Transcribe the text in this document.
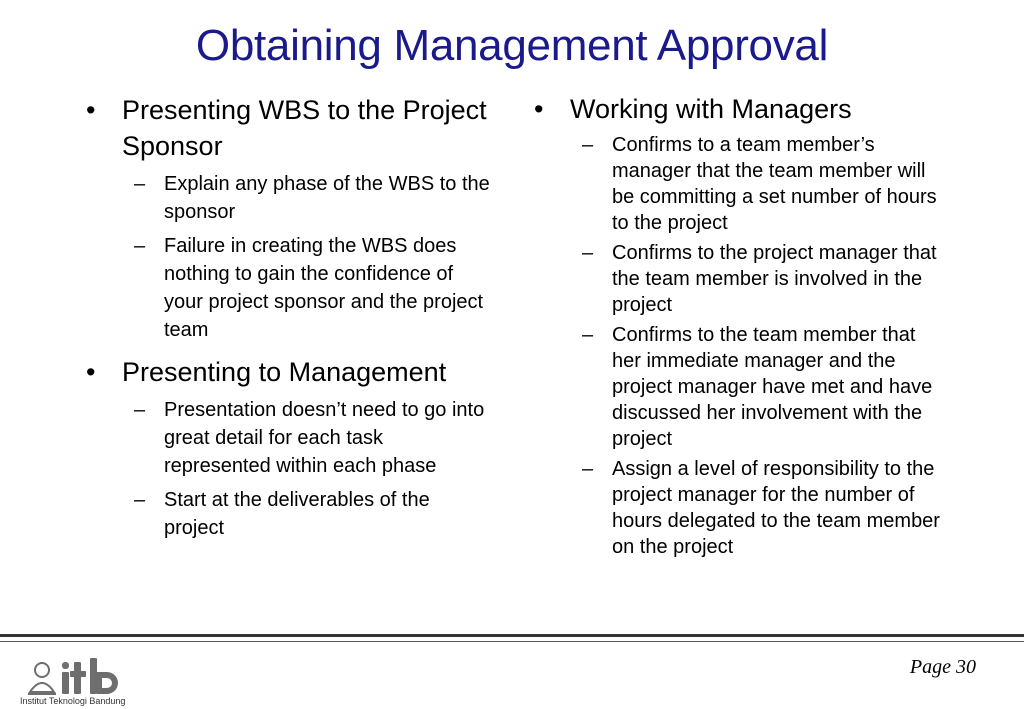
Obtaining Management Approval
• Presenting WBS to the Project Sponsor
– Explain any phase of the WBS to the sponsor
– Failure in creating the WBS does nothing to gain the confidence of your project sponsor and the project team
• Presenting to Management
– Presentation doesn’t need to go into great detail for each task represented within each phase
– Start at the deliverables of the project
• Working with Managers
– Confirms to a team member’s manager that the team member will be committing a set number of hours to the project
– Confirms to the project manager that the team member is involved in the project
– Confirms to the team member that her immediate manager and the project manager have met and have discussed her involvement with the project
– Assign a level of responsibility to the project manager for the number of hours delegated to the team member on the project
Institut Teknologi Bandung
Page 30
